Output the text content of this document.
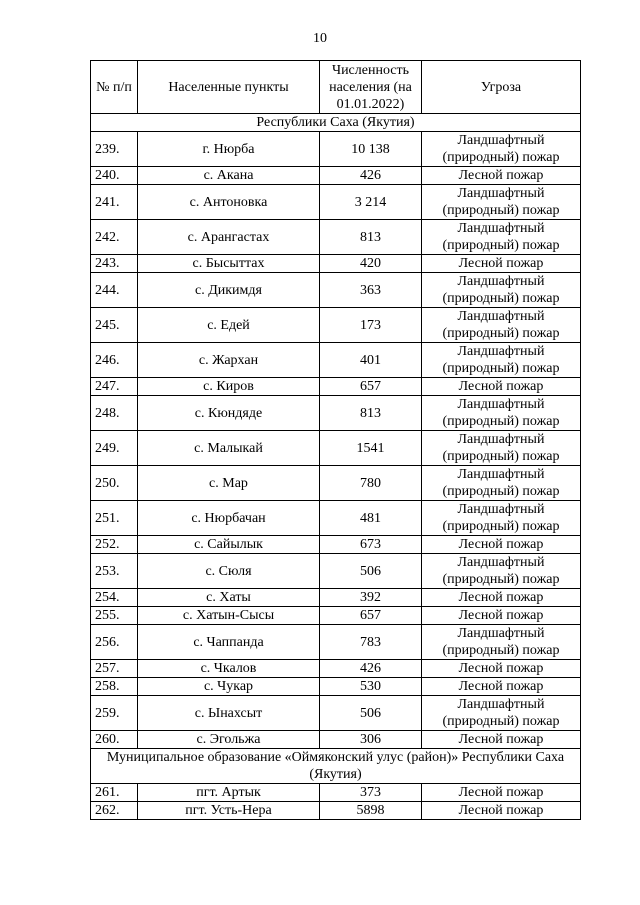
10
№ п/п	Населенные пункты	Численность населения (на 01.01.2022)	Угроза
Республики Саха (Якутия)			
239.	г. Нюрба	10 138	Ландшафтный (природный) пожар
240.	с. Акана	426	Лесной пожар
241.	с. Антоновка	3 214	Ландшафтный (природный) пожар
242.	с. Арангастах	813	Ландшафтный (природный) пожар
243.	с. Бысыттах	420	Лесной пожар
244.	с. Дикимдя	363	Ландшафтный (природный) пожар
245.	с. Едей	173	Ландшафтный (природный) пожар
246.	с. Жархан	401	Ландшафтный (природный) пожар
247.	с. Киров	657	Лесной пожар
248.	с. Кюндяде	813	Ландшафтный (природный) пожар
249.	с. Малыкай	1541	Ландшафтный (природный) пожар
250.	с. Мар	780	Ландшафтный (природный) пожар
251.	с. Нюрбачан	481	Ландшафтный (природный) пожар
252.	с. Сайылык	673	Лесной пожар
253.	с. Сюля	506	Ландшафтный (природный) пожар
254.	с. Хаты	392	Лесной пожар
255.	с. Хатын-Сысы	657	Лесной пожар
256.	с. Чаппанда	783	Ландшафтный (природный) пожар
257.	с. Чкалов	426	Лесной пожар
258.	с. Чукар	530	Лесной пожар
259.	с. Ынахсыт	506	Ландшафтный (природный) пожар
260.	с. Эгольжа	306	Лесной пожар
Муниципальное образование «Оймяконский улус (район)» Республики Саха (Якутия)			
261.	пгт. Артык	373	Лесной пожар
262.	пгт. Усть-Нера	5898	Лесной пожар
